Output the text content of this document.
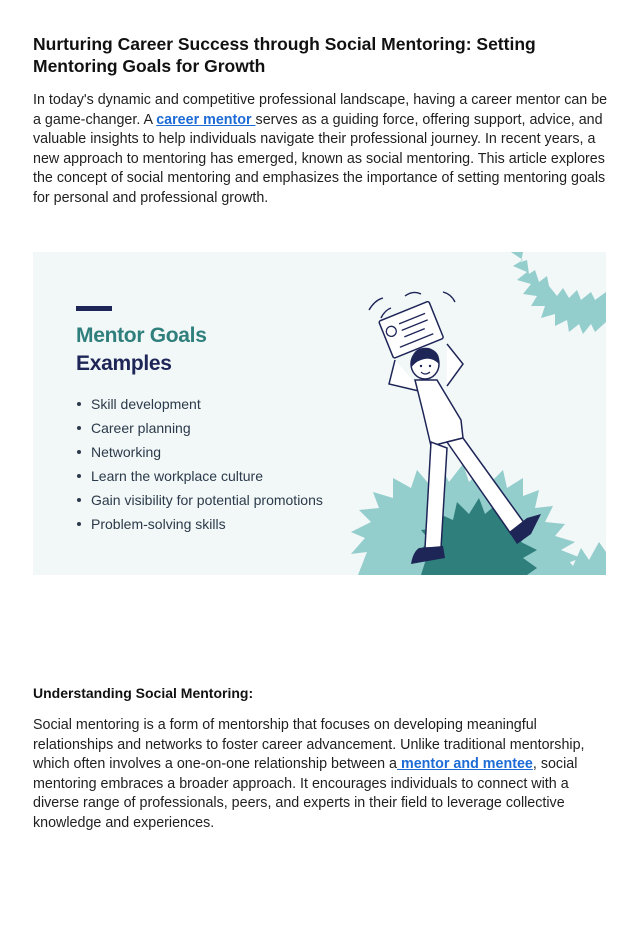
Nurturing Career Success through Social Mentoring: Setting Mentoring Goals for Growth

In today's dynamic and competitive professional landscape, having a career mentor can be a game-changer. A career mentor serves as a guiding force, offering support, advice, and valuable insights to help individuals navigate their professional journey. In recent years, a new approach to mentoring has emerged, known as social mentoring. This article explores the concept of social mentoring and emphasizes the importance of setting mentoring goals for personal and professional growth.

Understanding Social Mentoring:

Social mentoring is a form of mentorship that focuses on developing meaningful relationships and networks to foster career advancement. Unlike traditional mentorship, which often involves a one-on-one relationship between a mentor and mentee, social mentoring embraces a broader approach. It encourages individuals to connect with a diverse range of professionals, peers, and experts in their field to leverage collective knowledge and experiences.

Mentor Goals
Examples
Skill development
Career planning
Networking
Learn the workplace culture
Gain visibility for potential promotions
Problem-solving skills
